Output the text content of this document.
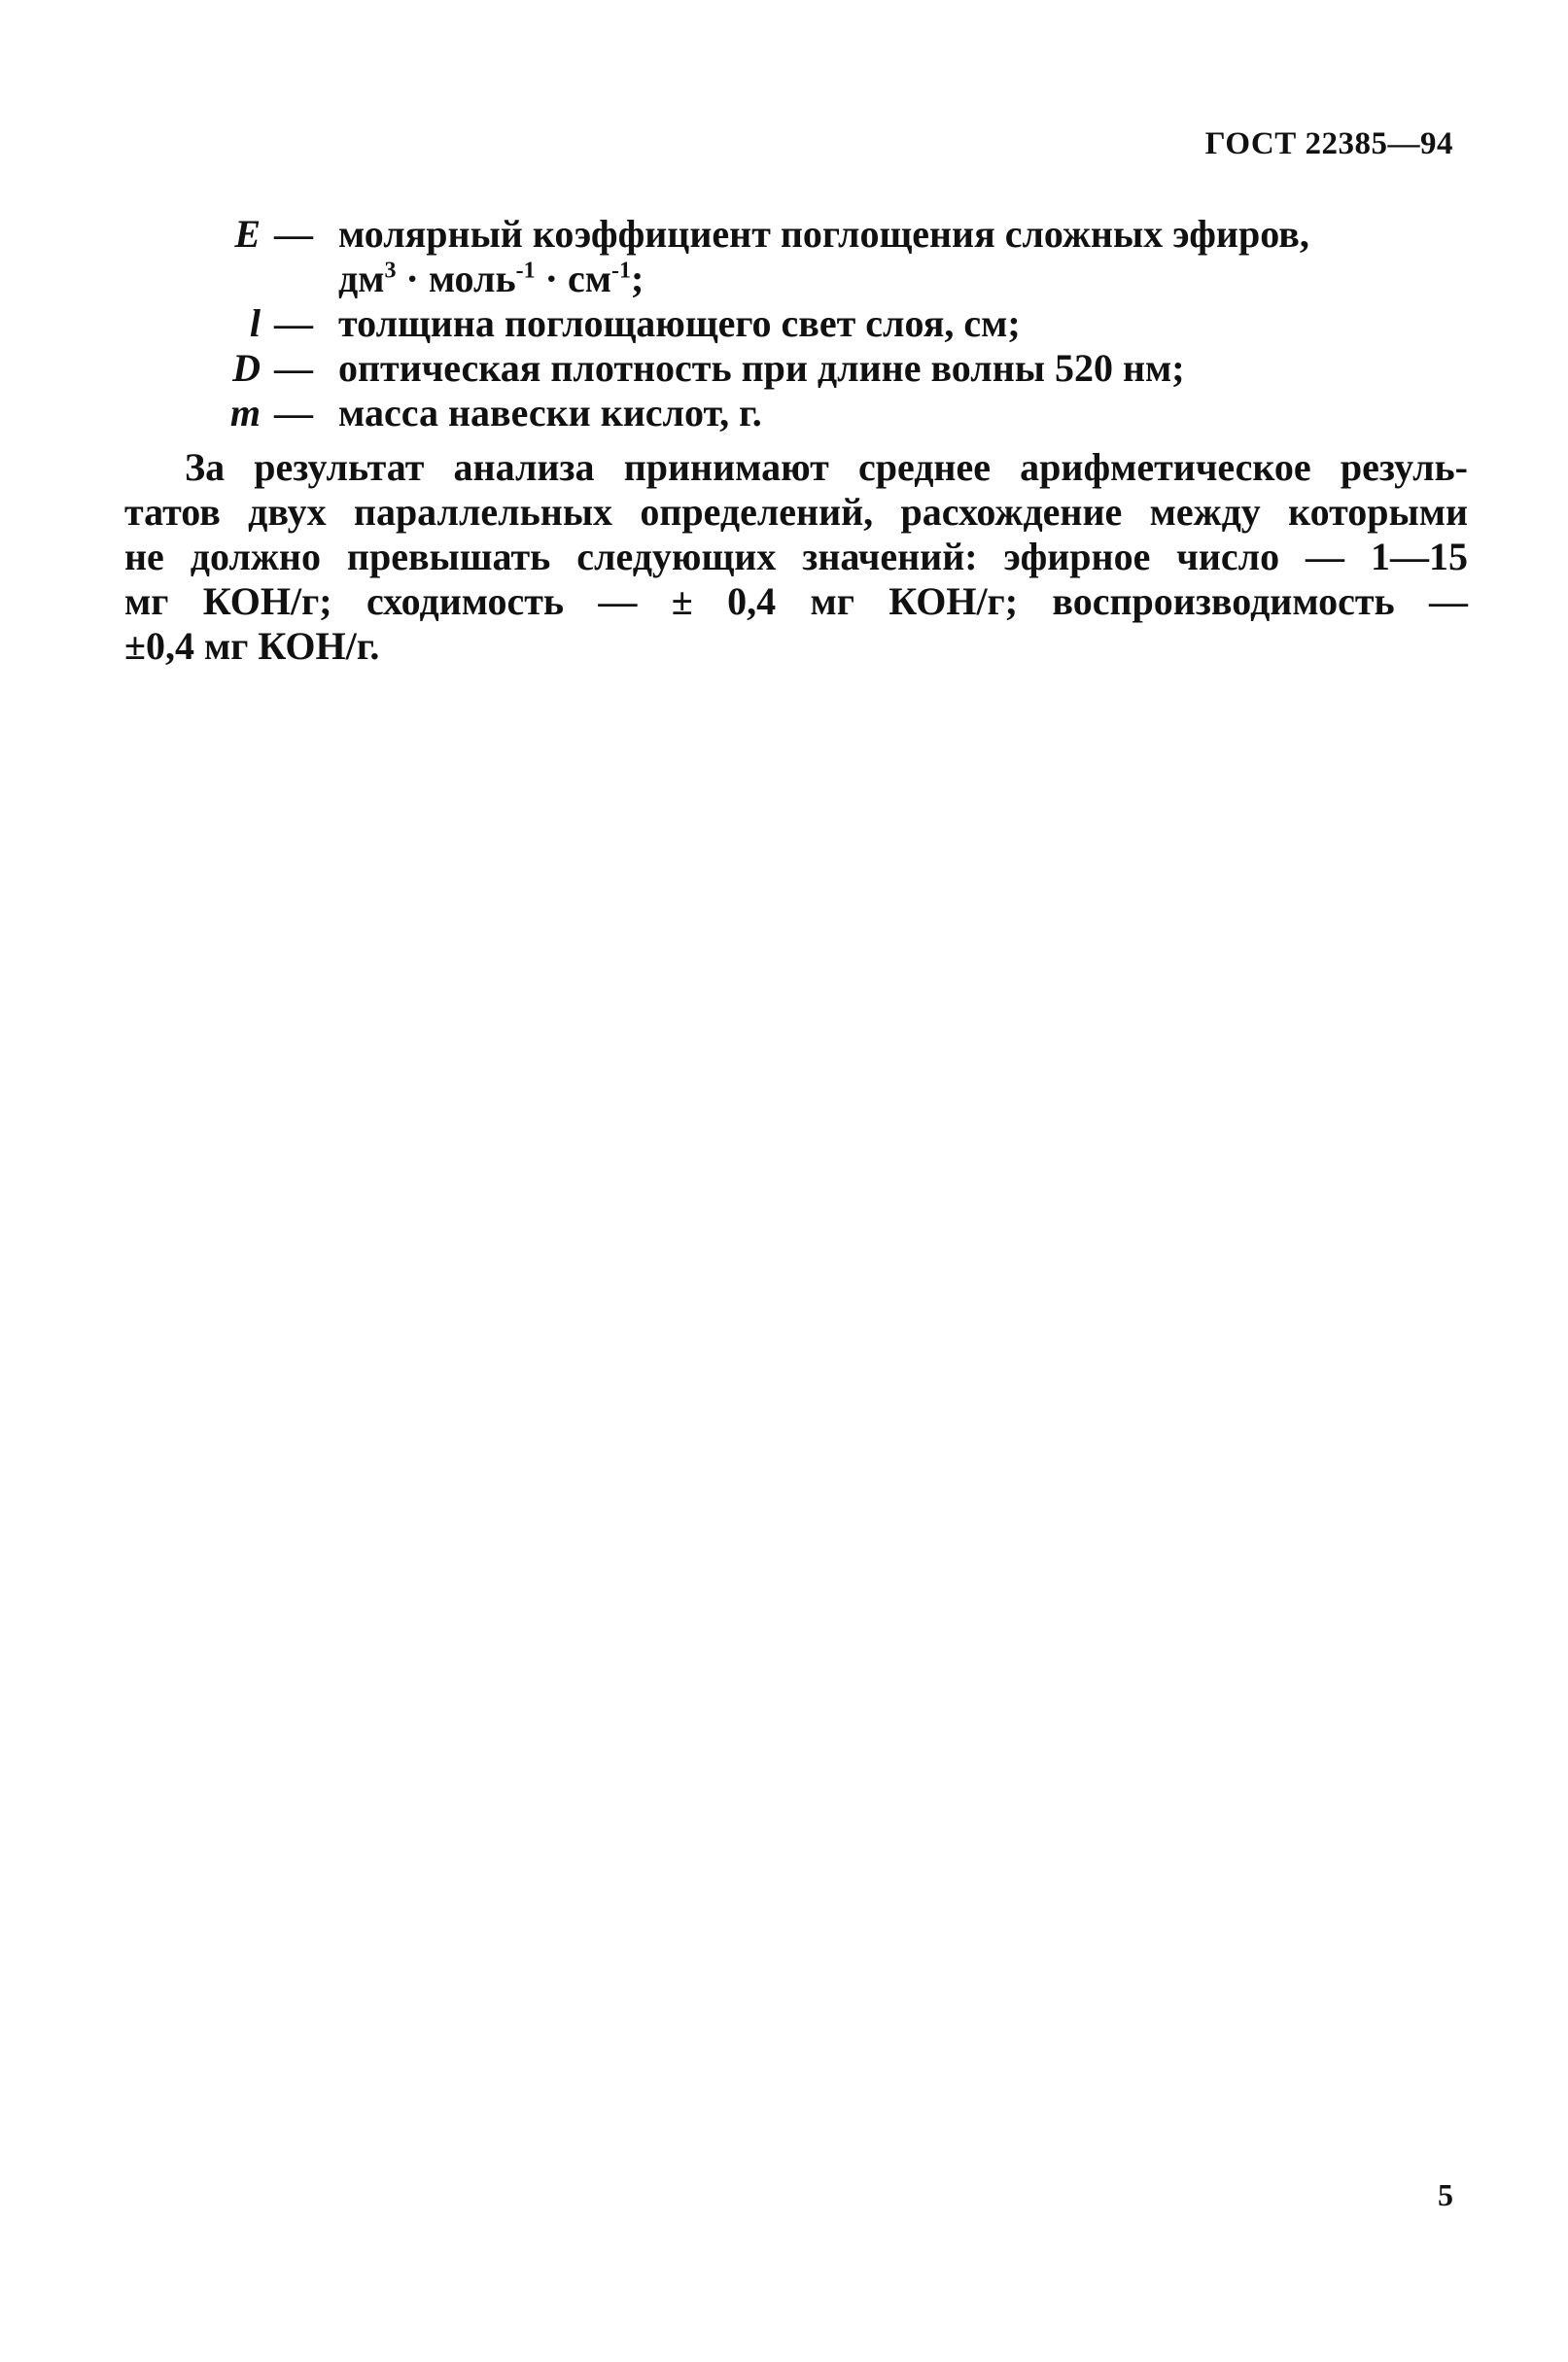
ГОСТ 22385—94
E — молярный коэффициент поглощения сложных эфиров,
$дм^3$ · моль$^{-1}$ · $см^{-1}$;
l — толщина поглощающего свет слоя, см;
D — оптическая плотность при длине волны 520 нм;
m — масса навески кислот, г.
За результат анализа принимают среднее арифметическое резуль-
татов двух параллельных определений, расхождение между которыми
не должно превышать следующих значений: эфирное число — 1—15
мг КОН/г; сходимость — ± 0,4 мг КОН/г; воспроизводимость —
±0,4 мг КОН/г.
5
